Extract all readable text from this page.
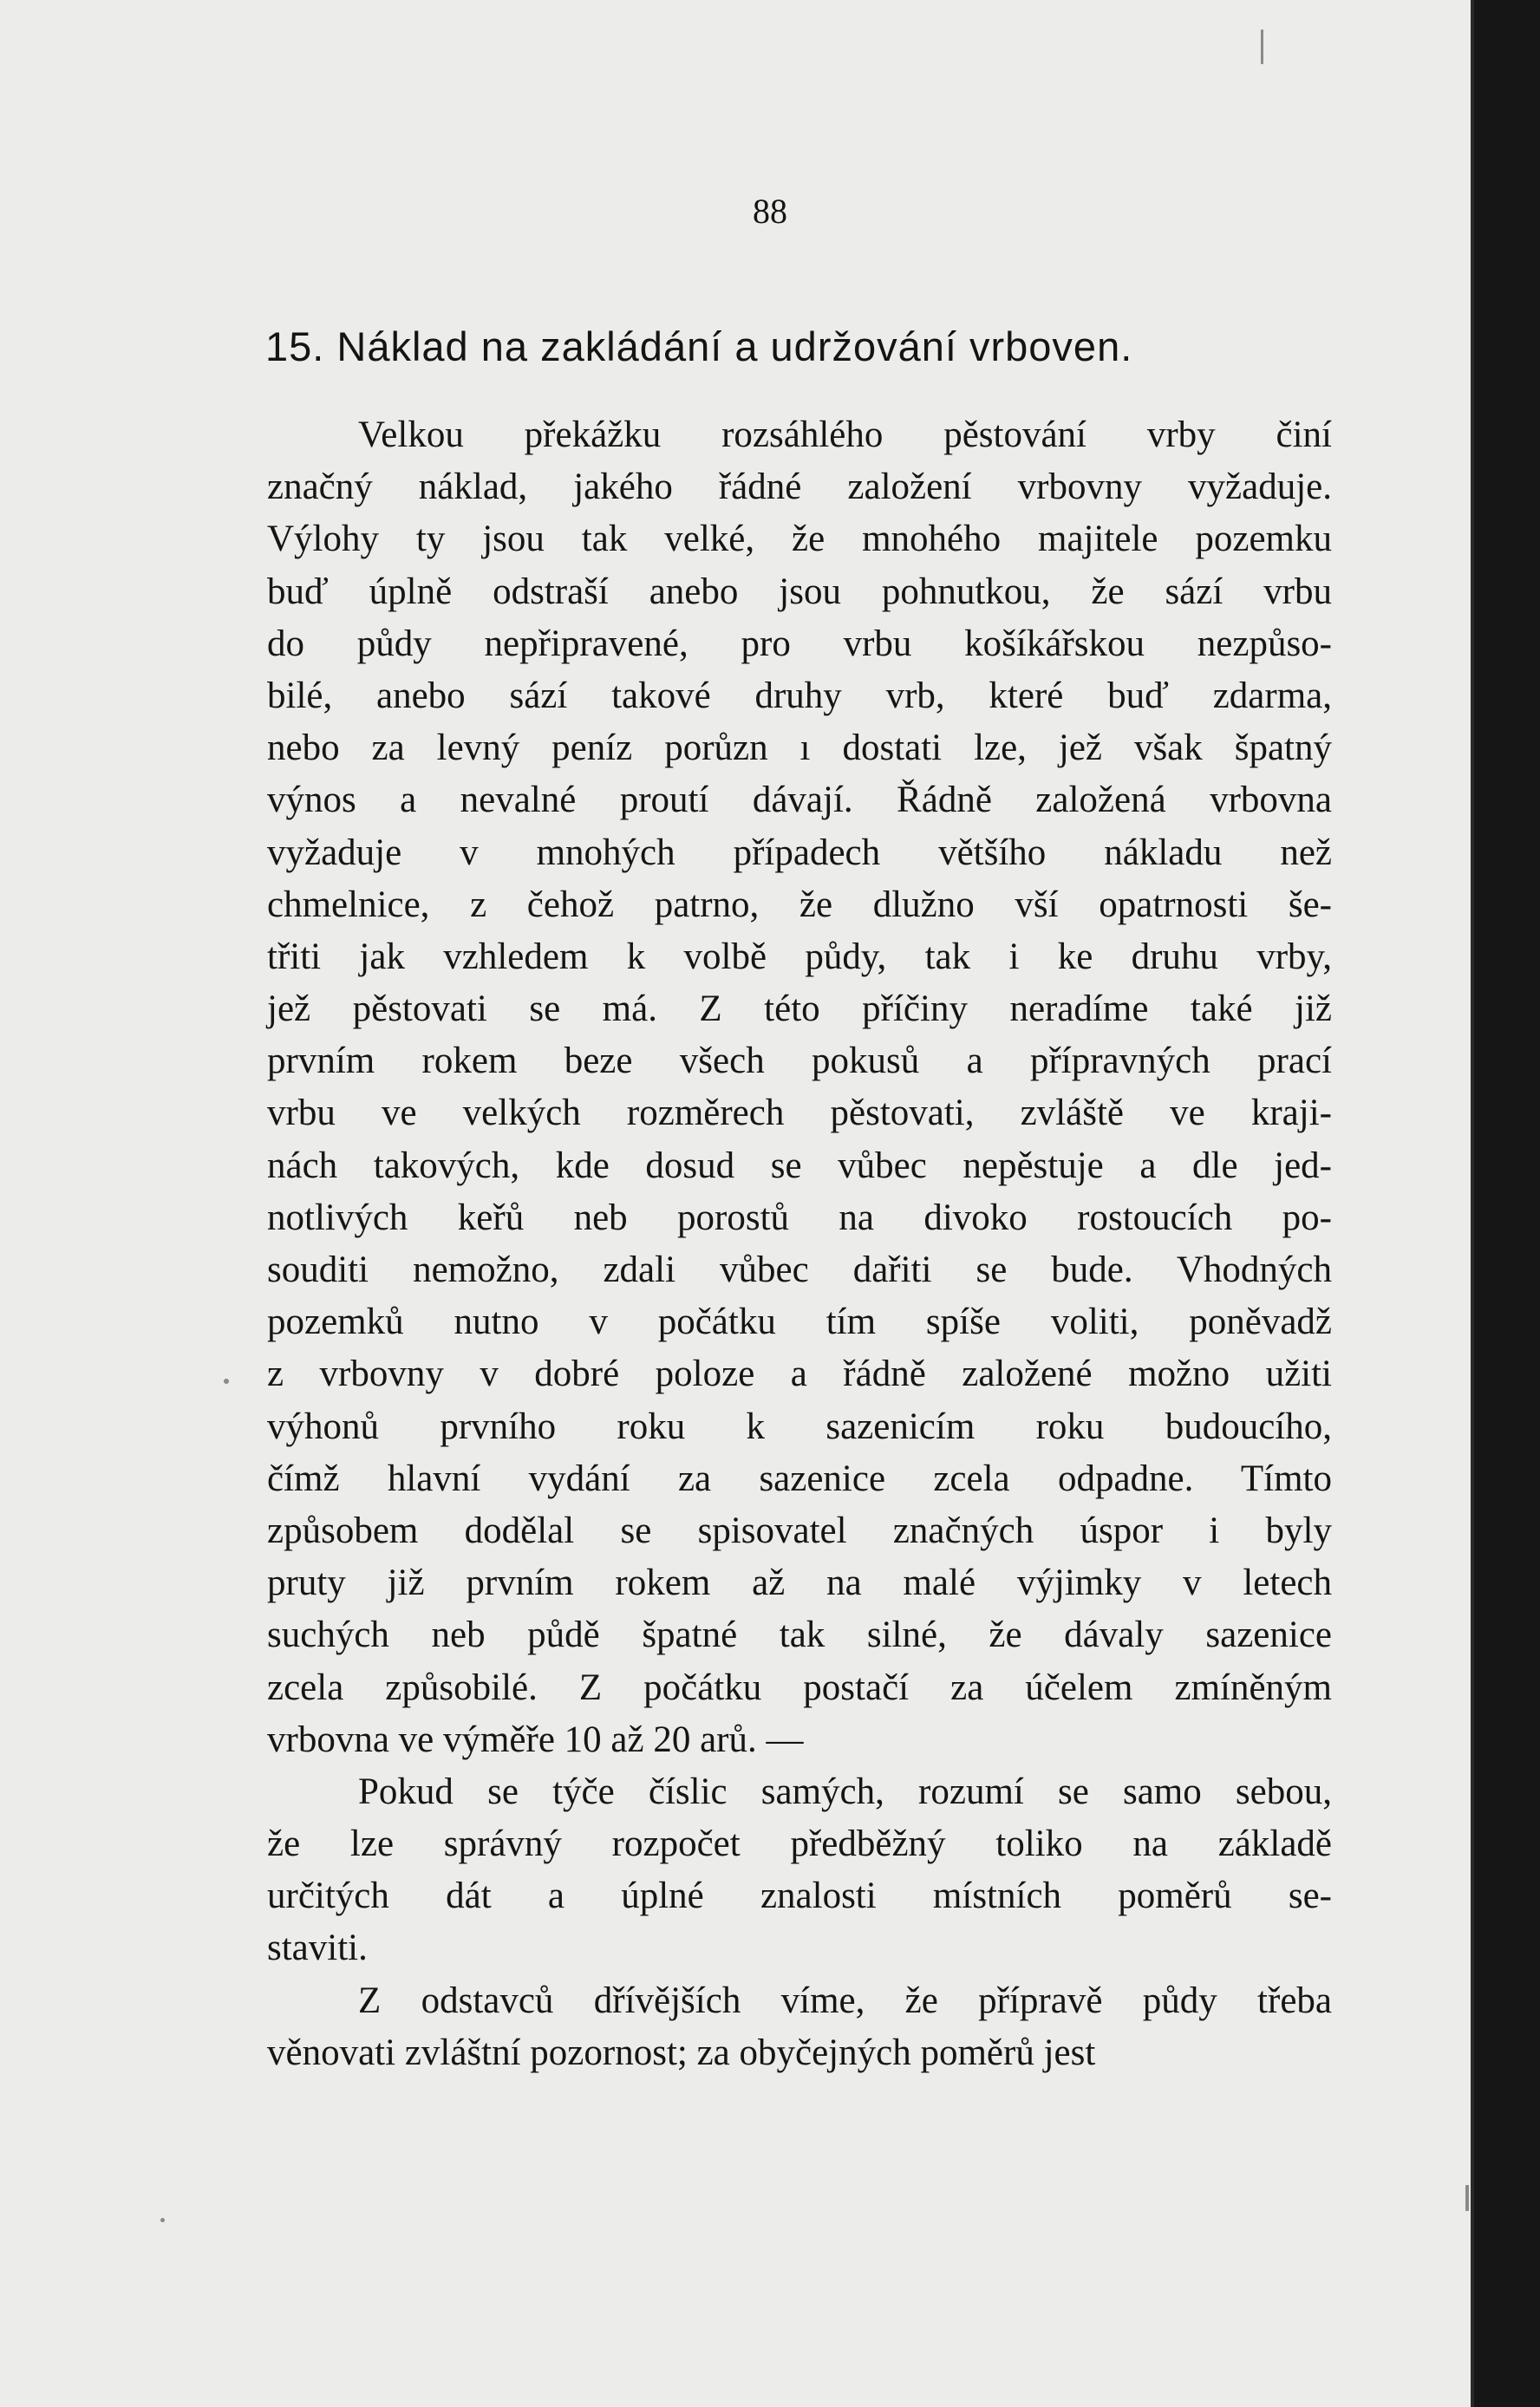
88
15. Náklad na zakládání a udržování vrboven.
Velkou překážku rozsáhlého pěstování vrby činí
značný náklad, jakého řádné založení vrbovny vyžaduje.
Výlohy ty jsou tak velké, že mnohého majitele pozemku
buď úplně odstraší anebo jsou pohnutkou, že sází vrbu
do půdy nepřipravené, pro vrbu košíkářskou nezpůso-
bilé, anebo sází takové druhy vrb, které buď zdarma,
nebo za levný peníz porůzn ı dostati lze, jež však špatný
výnos a nevalné proutí dávají. Řádně založená vrbovna
vyžaduje v mnohých případech většího nákladu než
chmelnice, z čehož patrno, že dlužno vší opatrnosti še-
třiti jak vzhledem k volbě půdy, tak i ke druhu vrby,
jež pěstovati se má. Z této příčiny neradíme také již
prvním rokem beze všech pokusů a přípravných prací
vrbu ve velkých rozměrech pěstovati, zvláště ve kraji-
nách takových, kde dosud se vůbec nepěstuje a dle jed-
notlivých keřů neb porostů na divoko rostoucích po-
souditi nemožno, zdali vůbec dařiti se bude. Vhodných
pozemků nutno v počátku tím spíše voliti, poněvadž
z vrbovny v dobré poloze a řádně založené možno užiti
výhonů prvního roku k sazenicím roku budoucího,
čímž hlavní vydání za sazenice zcela odpadne. Tímto
způsobem dodělal se spisovatel značných úspor i byly
pruty již prvním rokem až na malé výjimky v letech
suchých neb půdě špatné tak silné, že dávaly sazenice
zcela způsobilé. Z počátku postačí za účelem zmíněným
vrbovna ve výměře 10 až 20 arů. —
Pokud se týče číslic samých, rozumí se samo sebou,
že lze správný rozpočet předběžný toliko na základě
určitých dát a úplné znalosti místních poměrů se-
staviti.
Z odstavců dřívějších víme, že přípravě půdy třeba
věnovati zvláštní pozornost; za obyčejných poměrů jest
